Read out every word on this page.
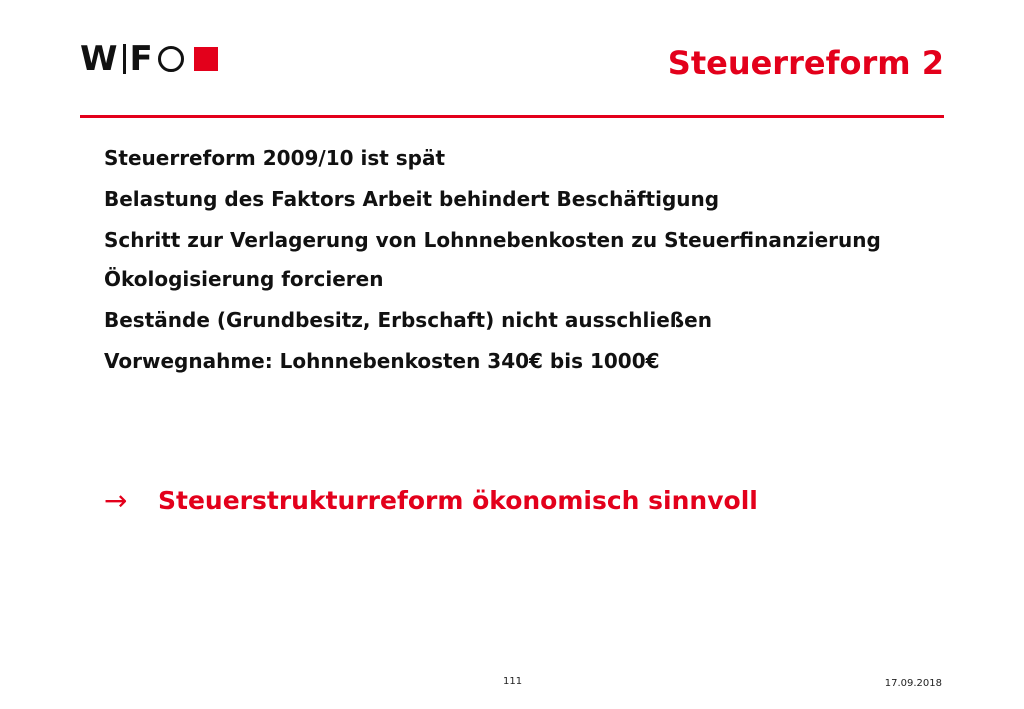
W F	Steuerreform 2
Steuerreform 2009/10 ist spät
Belastung des Faktors Arbeit behindert Beschäftigung
Schritt zur Verlagerung von Lohnnebenkosten zu Steuerfinanzierung
Ökologisierung forcieren
Bestände (Grundbesitz, Erbschaft) nicht ausschließen
Vorwegnahme: Lohnnebenkosten 340€ bis 1000€
→	Steuerstrukturreform ökonomisch sinnvoll
111	17.09.2018
